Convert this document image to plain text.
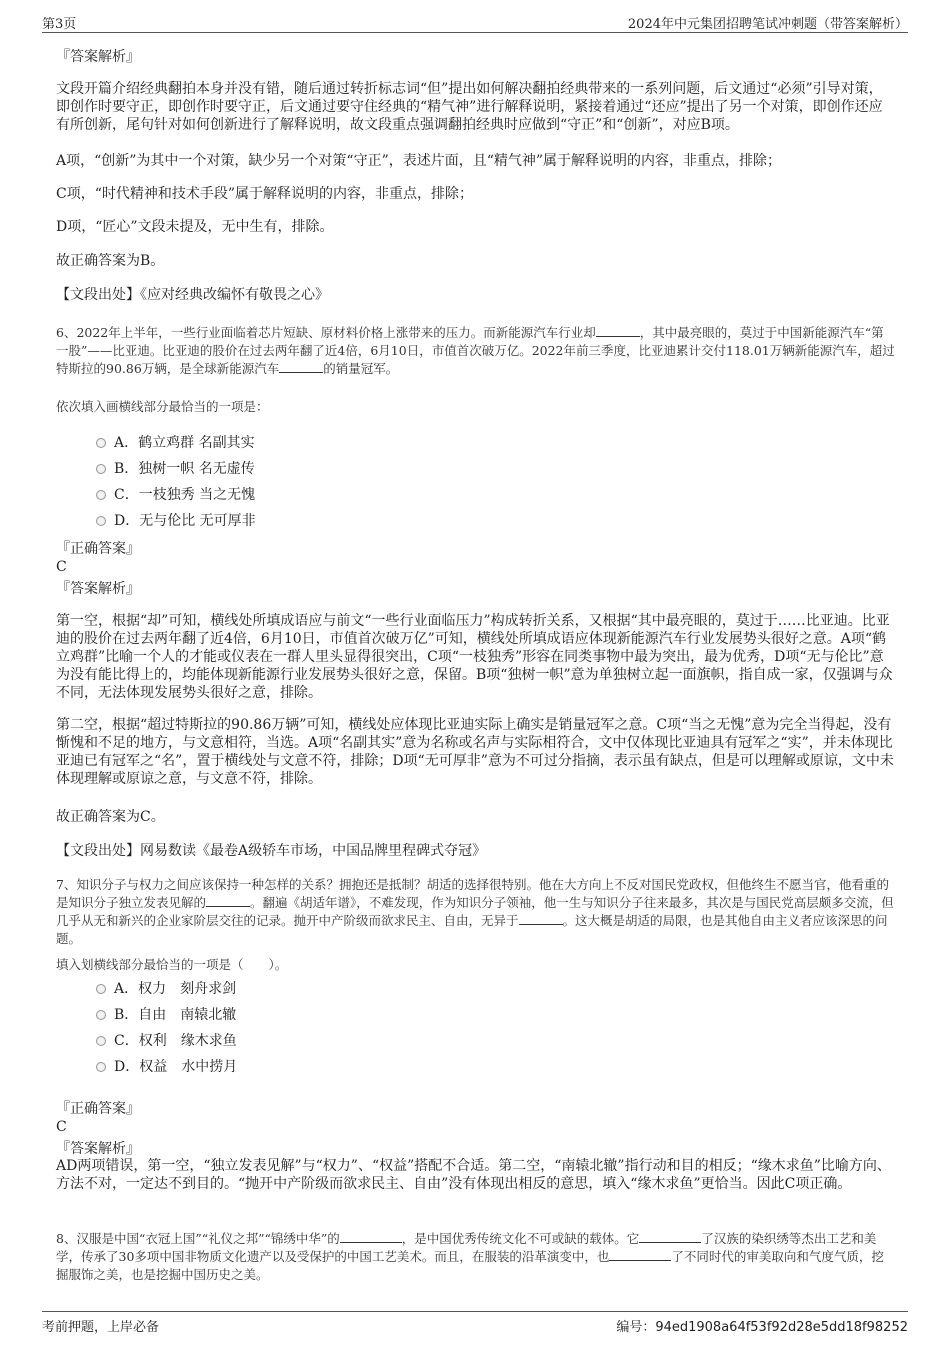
第3页	2024年中元集团招聘笔试冲刺题（带答案解析）
『答案解析』
文段开篇介绍经典翻拍本身并没有错，随后通过转折标志词“但”提出如何解决翻拍经典带来的一系列问题，后文通过“必须”引导对策，即创作时要守正，即创作时要守正，后文通过要守住经典的“精气神”进行解释说明，紧接着通过“还应”提出了另一个对策，即创作还应有所创新，尾句针对如何创新进行了解释说明，故文段重点强调翻拍经典时应做到“守正”和“创新”，对应B项。
A项，“创新”为其中一个对策，缺少另一个对策“守正”，表述片面，且“精气神”属于解释说明的内容，非重点，排除；
C项，“时代精神和技术手段”属于解释说明的内容，非重点，排除；
D项，“匠心”文段未提及，无中生有，排除。
故正确答案为B。
【文段出处】《应对经典改编怀有敬畏之心》
6、2022年上半年，一些行业面临着芯片短缺、原材料价格上涨带来的压力。而新能源汽车行业却	，其中最亮眼的，莫过于中国新能源汽车“第一股”——比亚迪。比亚迪的股价在过去两年翻了近4倍，6月10日，市值首次破万亿。2022年前三季度，比亚迪累计交付118.01万辆新能源汽车，超过特斯拉的90.86万辆，是全球新能源汽车	的销量冠军。
依次填入画横线部分最恰当的一项是：
A．鹤立鸡群 名副其实
B．独树一帜 名无虚传
C．一枝独秀 当之无愧
D．无与伦比 无可厚非
『正确答案』
C
『答案解析』
第一空，根据“却”可知，横线处所填成语应与前文“一些行业面临压力”构成转折关系，又根据“其中最亮眼的，莫过于……比亚迪。比亚迪的股价在过去两年翻了近4倍，6月10日，市值首次破万亿”可知，横线处所填成语应体现新能源汽车行业发展势头很好之意。A项“鹤立鸡群”比喻一个人的才能或仪表在一群人里头显得很突出，C项“一枝独秀”形容在同类事物中最为突出，最为优秀，D项“无与伦比”意为没有能比得上的，均能体现新能源行业发展势头很好之意，保留。B项“独树一帜”意为单独树立起一面旗帜，指自成一家，仅强调与众不同，无法体现发展势头很好之意，排除。
第二空，根据“超过特斯拉的90.86万辆”可知，横线处应体现比亚迪实际上确实是销量冠军之意。C项“当之无愧”意为完全当得起，没有惭愧和不足的地方，与文意相符，当选。A项“名副其实”意为名称或名声与实际相符合，文中仅体现比亚迪具有冠军之“实”，并未体现比亚迪已有冠军之“名”，置于横线处与文意不符，排除；D项“无可厚非”意为不可过分指摘，表示虽有缺点，但是可以理解或原谅，文中未体现理解或原谅之意，与文意不符，排除。
故正确答案为C。
【文段出处】网易数读《最卷A级轿车市场，中国品牌里程碑式夺冠》
7、知识分子与权力之间应该保持一种怎样的关系？拥抱还是抵制？胡适的选择很特别。他在大方向上不反对国民党政权，但他终生不愿当官，他看重的是知识分子独立发表见解的	。翻遍《胡适年谱》，不难发现，作为知识分子领袖，他一生与知识分子往来最多，其次是与国民党高层颇多交流，但几乎从无和新兴的企业家阶层交往的记录。抛开中产阶级而欲求民主、自由，无异于	。这大概是胡适的局限，也是其他自由主义者应该深思的问题。
填入划横线部分最恰当的一项是（　　）。
A．权力　刻舟求剑
B．自由　南辕北辙
C．权利　缘木求鱼
D．权益　水中捞月
『正确答案』
C
『答案解析』
AD两项错误，第一空，“独立发表见解”与“权力”、“权益”搭配不合适。第二空，“南辕北辙”指行动和目的相反；“缘木求鱼”比喻方向、方法不对，一定达不到目的。“抛开中产阶级而欲求民主、自由”没有体现出相反的意思，填入“缘木求鱼”更恰当。因此C项正确。
8、汉服是中国“衣冠上国”“礼仪之邦”“锦绣中华”的	，是中国优秀传统文化不可或缺的载体。它	了汉族的染织绣等杰出工艺和美学，传承了30多项中国非物质文化遗产以及受保护的中国工艺美术。而且，在服装的沿革演变中，也	了不同时代的审美取向和气度气质，挖掘服饰之美，也是挖掘中国历史之美。
考前押题，上岸必备	编号：94ed1908a64f53f92d28e5dd18f98252
